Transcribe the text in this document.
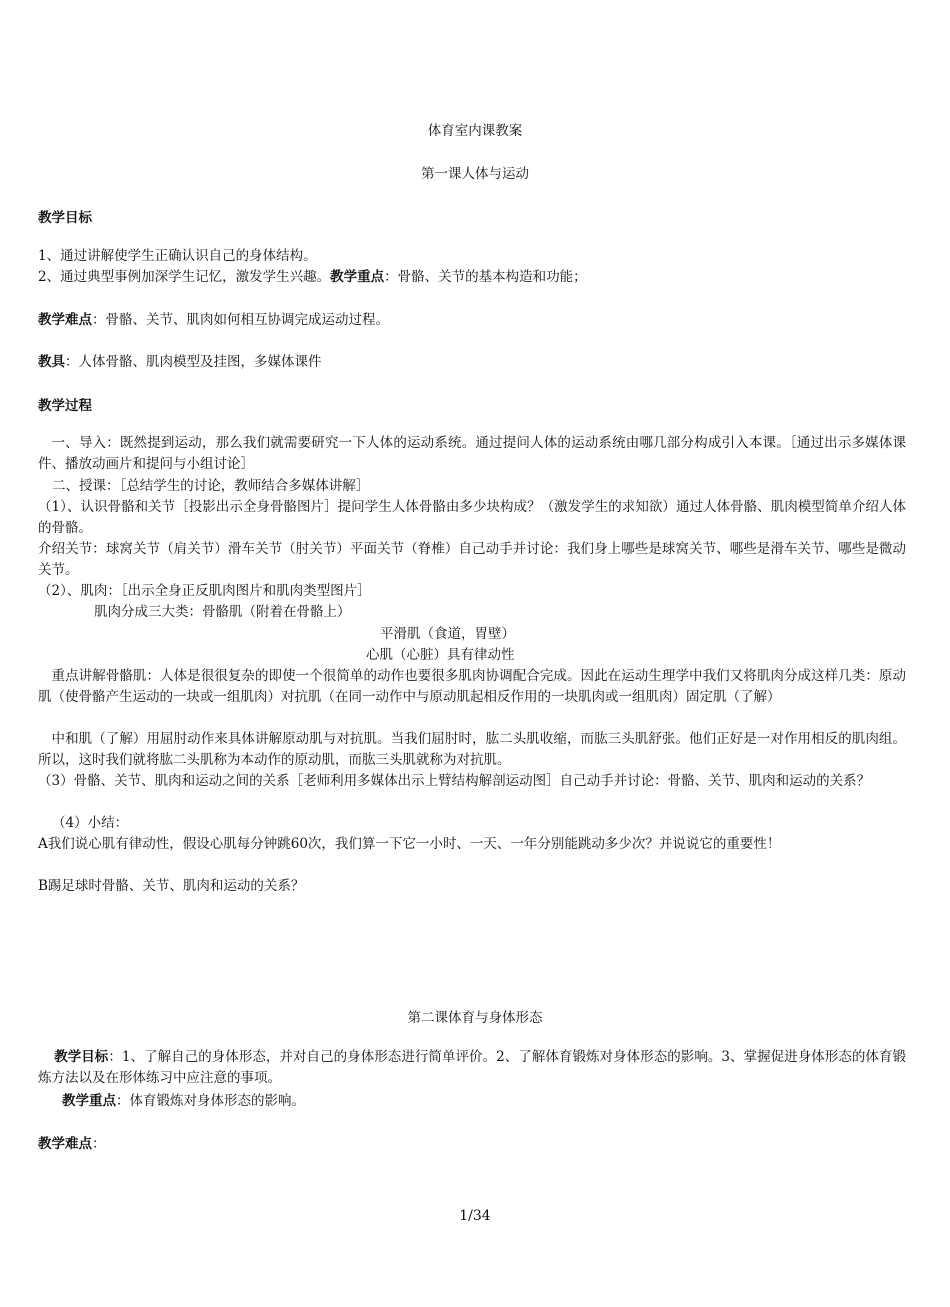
体育室内课教案
第一课人体与运动
教学目标
1、通过讲解使学生正确认识自己的身体结构。
2、通过典型事例加深学生记忆，激发学生兴趣。教学重点：骨骼、关节的基本构造和功能；
教学难点：骨骼、关节、肌肉如何相互协调完成运动过程。
教具：人体骨骼、肌肉模型及挂图，多媒体课件
教学过程
一、导入：既然提到运动，那么我们就需要研究一下人体的运动系统。通过提问人体的运动系统由哪几部分构成引入本课。［通过出示多媒体课件、播放动画片和提问与小组讨论］
二、授课：［总结学生的讨论，教师结合多媒体讲解］
（1）、认识骨骼和关节［投影出示全身骨骼图片］提问学生人体骨骼由多少块构成？（激发学生的求知欲）通过人体骨骼、肌肉模型简单介绍人体的骨骼。
介绍关节：球窝关节（肩关节）滑车关节（肘关节）平面关节（脊椎）自己动手并讨论：我们身上哪些是球窝关节、哪些是滑车关节、哪些是微动关节。
（2）、肌肉：［出示全身正反肌肉图片和肌肉类型图片］
肌肉分成三大类：骨骼肌（附着在骨骼上）
平滑肌（食道，胃壁）
心肌（心脏）具有律动性
重点讲解骨骼肌：人体是很很复杂的即使一个很简单的动作也要很多肌肉协调配合完成。因此在运动生理学中我们又将肌肉分成这样几类：原动肌（使骨骼产生运动的一块或一组肌肉）对抗肌（在同一动作中与原动肌起相反作用的一块肌肉或一组肌肉）固定肌（了解）
中和肌（了解）用屈肘动作来具体讲解原动肌与对抗肌。当我们屈肘时，肱二头肌收缩，而肱三头肌舒张。他们正好是一对作用相反的肌肉组。所以，这时我们就将肱二头肌称为本动作的原动肌，而肱三头肌就称为对抗肌。
（3）骨骼、关节、肌肉和运动之间的关系［老师利用多媒体出示上臂结构解剖运动图］自己动手并讨论：骨骼、关节、肌肉和运动的关系？
（4）小结：
A我们说心肌有律动性，假设心肌每分钟跳60次，我们算一下它一小时、一天、一年分别能跳动多少次？并说说它的重要性！
B踢足球时骨骼、关节、肌肉和运动的关系？
第二课体育与身体形态
教学目标：1、了解自己的身体形态，并对自己的身体形态进行简单评价。2、了解体育锻炼对身体形态的影响。3、掌握促进身体形态的体育锻炼方法以及在形体练习中应注意的事项。
教学重点：体育锻炼对身体形态的影响。
教学难点：
1/34
